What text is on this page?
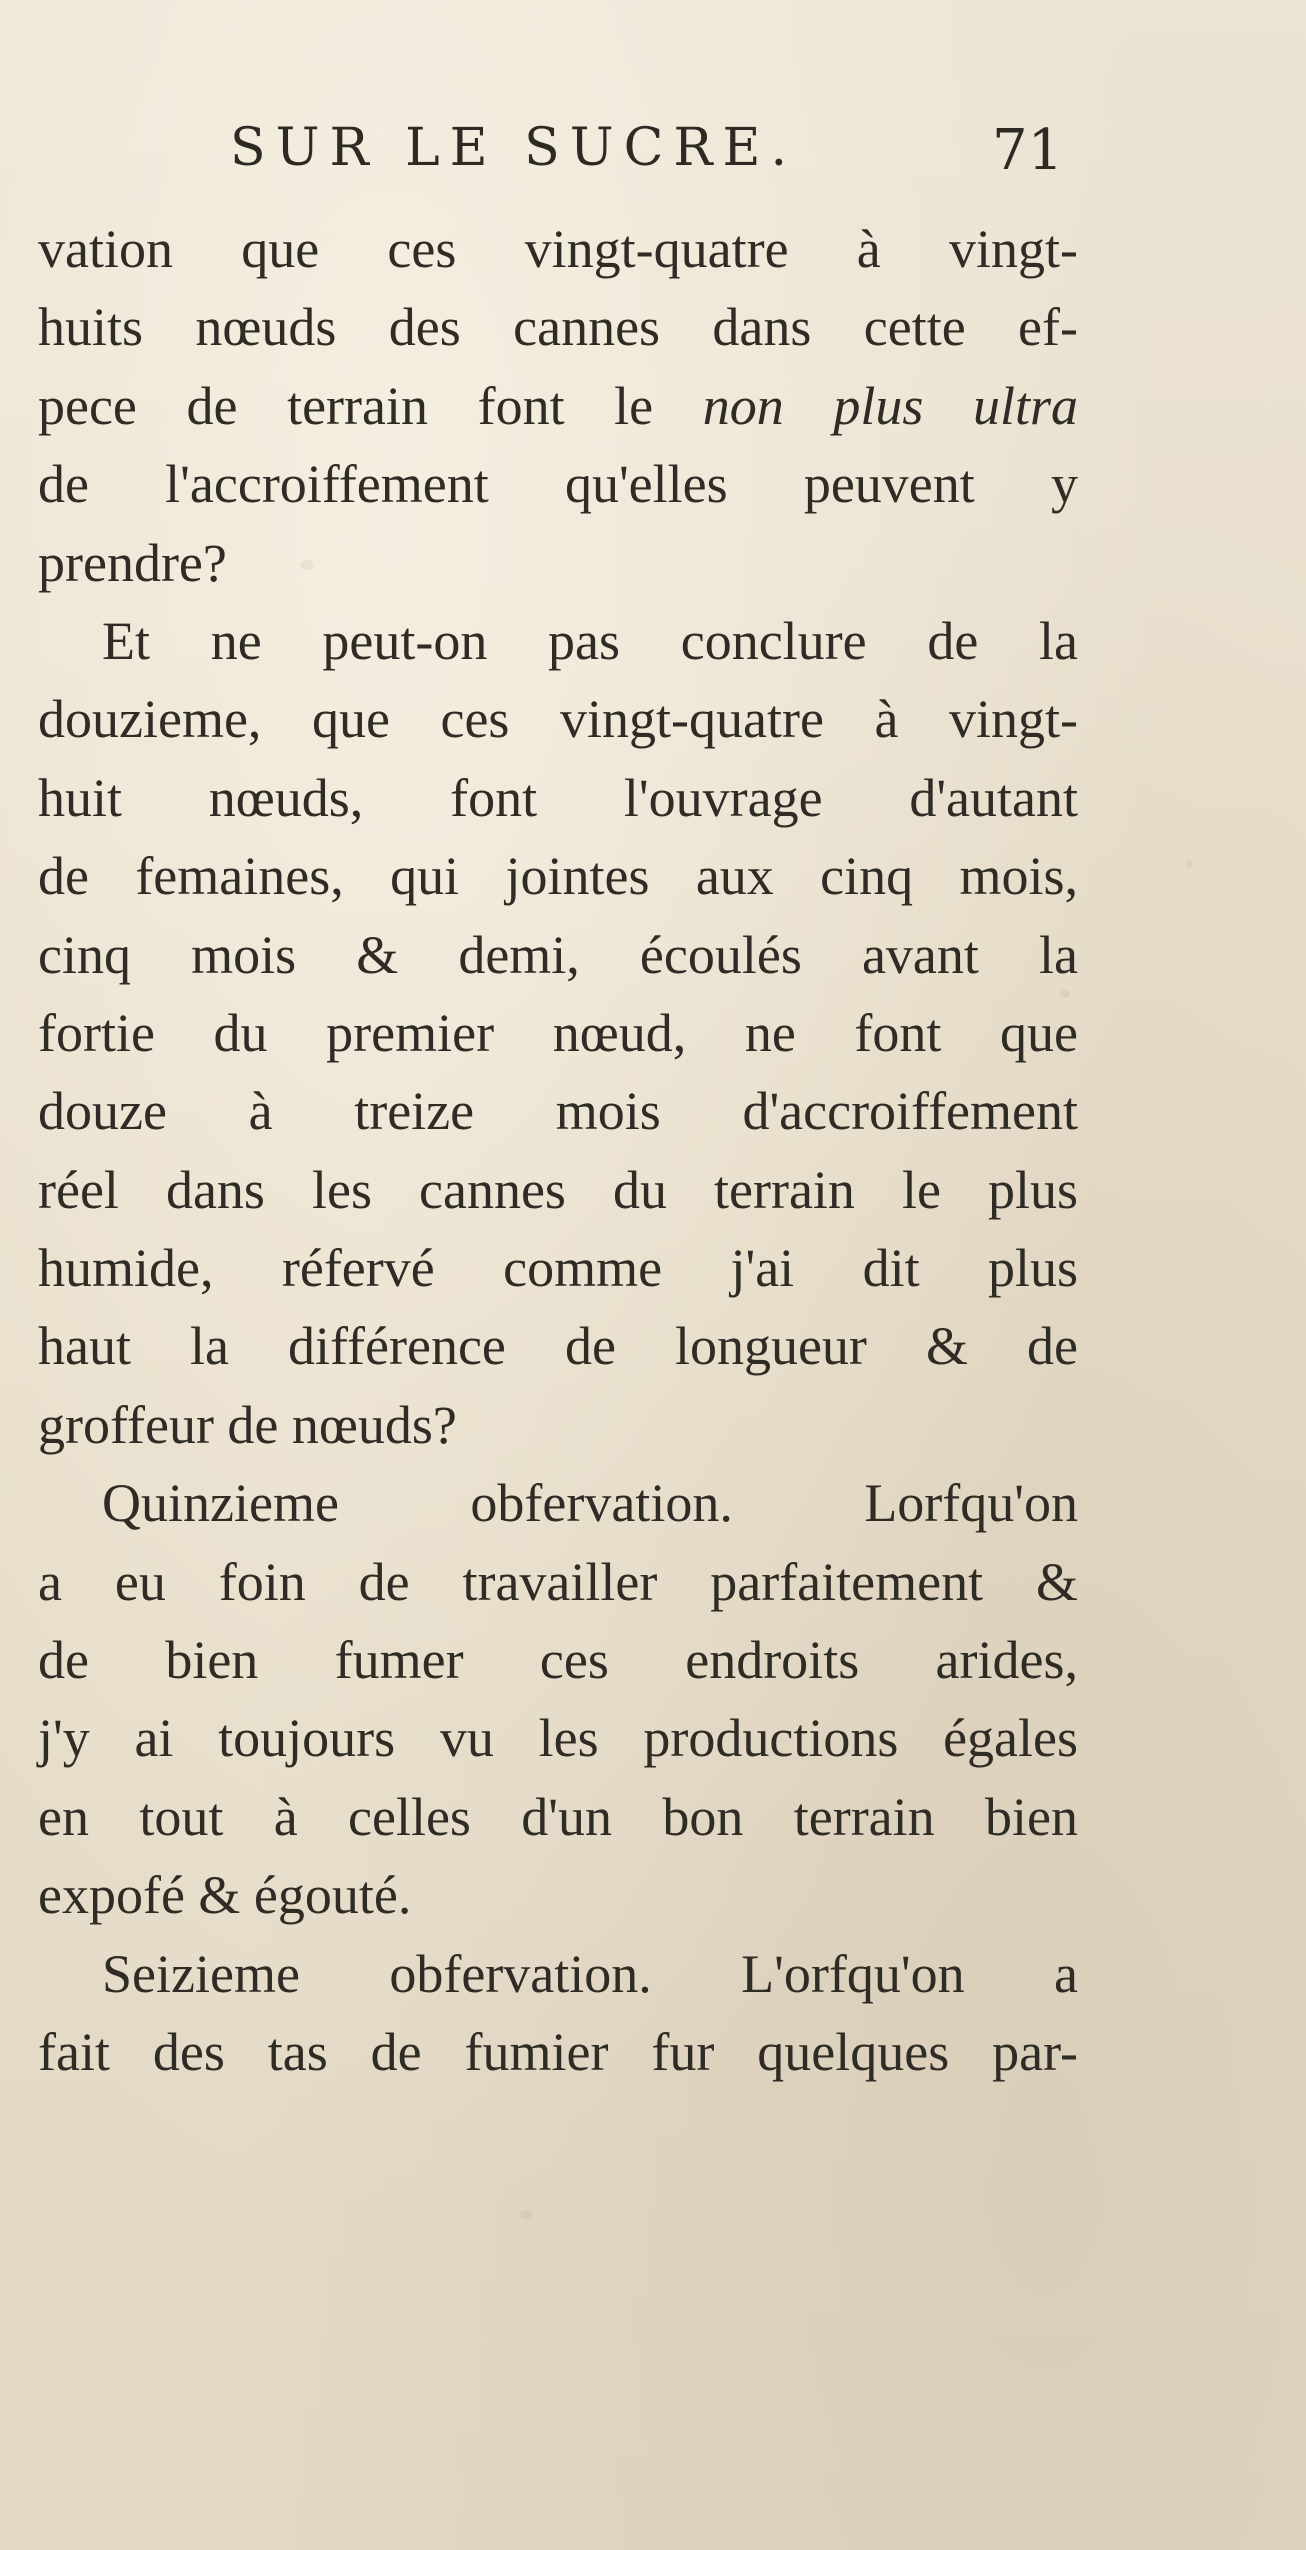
SUR LE SUCRE.	71
vation que ces vingt-quatre à vingt-
huits nœuds des cannes dans cette ef-
pece de terrain font le non plus ultra
de l'accroiffement qu'elles peuvent y
prendre?
Et ne peut-on pas conclure de la
douzieme, que ces vingt-quatre à vingt-
huit nœuds, font l'ouvrage d'autant
de femaines, qui jointes aux cinq mois,
cinq mois & demi, écoulés avant la
fortie du premier nœud, ne font que
douze à treize mois d'accroiffement
réel dans les cannes du terrain le plus
humide, réfervé comme j'ai dit plus
haut la différence de longueur & de
groffeur de nœuds?
Quinzieme obfervation. Lorfqu'on
a eu foin de travailler parfaitement &
de bien fumer ces endroits arides,
j'y ai toujours vu les productions égales
en tout à celles d'un bon terrain bien
expofé & égouté.
Seizieme obfervation. L'orfqu'on a
fait des tas de fumier fur quelques par-
